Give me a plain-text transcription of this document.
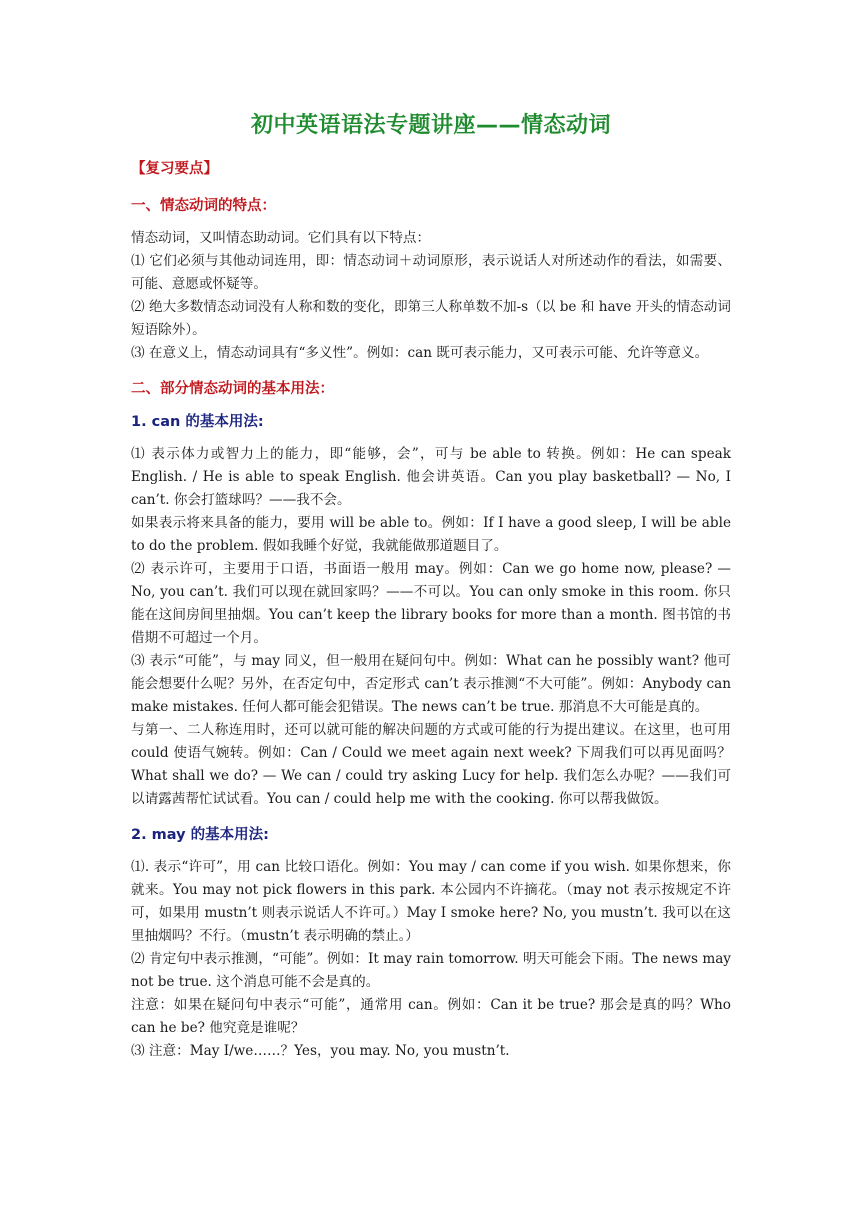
初中英语语法专题讲座——情态动词
【复习要点】
一、情态动词的特点：

情态动词，又叫情态助动词。它们具有以下特点：

⑴ 它们必须与其他动词连用，即：情态动词＋动词原形，表示说话人对所述动作的看法，如需要、可能、意愿或怀疑等。

⑵ 绝大多数情态动词没有人称和数的变化，即第三人称单数不加-s（以 be 和 have 开头的情态动词短语除外）。

⑶ 在意义上，情态动词具有“多义性”。例如：can 既可表示能力，又可表示可能、允许等意义。

二、部分情态动词的基本用法：
1. can 的基本用法:

⑴ 表示体力或智力上的能力，即“能够，会”，可与 be able to 转换。例如：He can speak English. / He is able to speak English. 他会讲英语。Can you play basketball? — No, I can’t. 你会打篮球吗？——我不会。

如果表示将来具备的能力，要用 will be able to。例如：If I have a good sleep, I will be able to do the problem. 假如我睡个好觉，我就能做那道题目了。

⑵ 表示许可，主要用于口语，书面语一般用 may。例如：Can we go home now, please? — No, you can’t. 我们可以现在就回家吗？——不可以。You can only smoke in this room. 你只能在这间房间里抽烟。You can’t keep the library books for more than a month. 图书馆的书借期不可超过一个月。

⑶ 表示“可能”，与 may 同义，但一般用在疑问句中。例如：What can he possibly want? 他可能会想要什么呢？另外，在否定句中，否定形式 can’t 表示推测“不大可能”。例如：Anybody can make mistakes. 任何人都可能会犯错误。The news can’t be true. 那消息不大可能是真的。

与第一、二人称连用时，还可以就可能的解决问题的方式或可能的行为提出建议。在这里，也可用 could 使语气婉转。例如：Can / Could we meet again next week? 下周我们可以再见面吗？What shall we do? — We can / could try asking Lucy for help. 我们怎么办呢？——我们可以请露茜帮忙试试看。You can / could help me with the cooking. 你可以帮我做饭。

2. may 的基本用法:

⑴. 表示“许可”，用 can 比较口语化。例如：You may / can come if you wish. 如果你想来，你就来。You may not pick flowers in this park. 本公园内不许摘花。（may not 表示按规定不许可，如果用 mustn’t 则表示说话人不许可。）May I smoke here? No, you mustn’t. 我可以在这里抽烟吗？不行。（mustn’t 表示明确的禁止。）

⑵ 肯定句中表示推测，“可能”。例如：It may rain tomorrow. 明天可能会下雨。The news may not be true. 这个消息可能不会是真的。

注意：如果在疑问句中表示“可能”，通常用 can。例如：Can it be true? 那会是真的吗？Who can he be? 他究竟是谁呢？

⑶ 注意：May I/we……？Yes，you may. No, you mustn’t.
